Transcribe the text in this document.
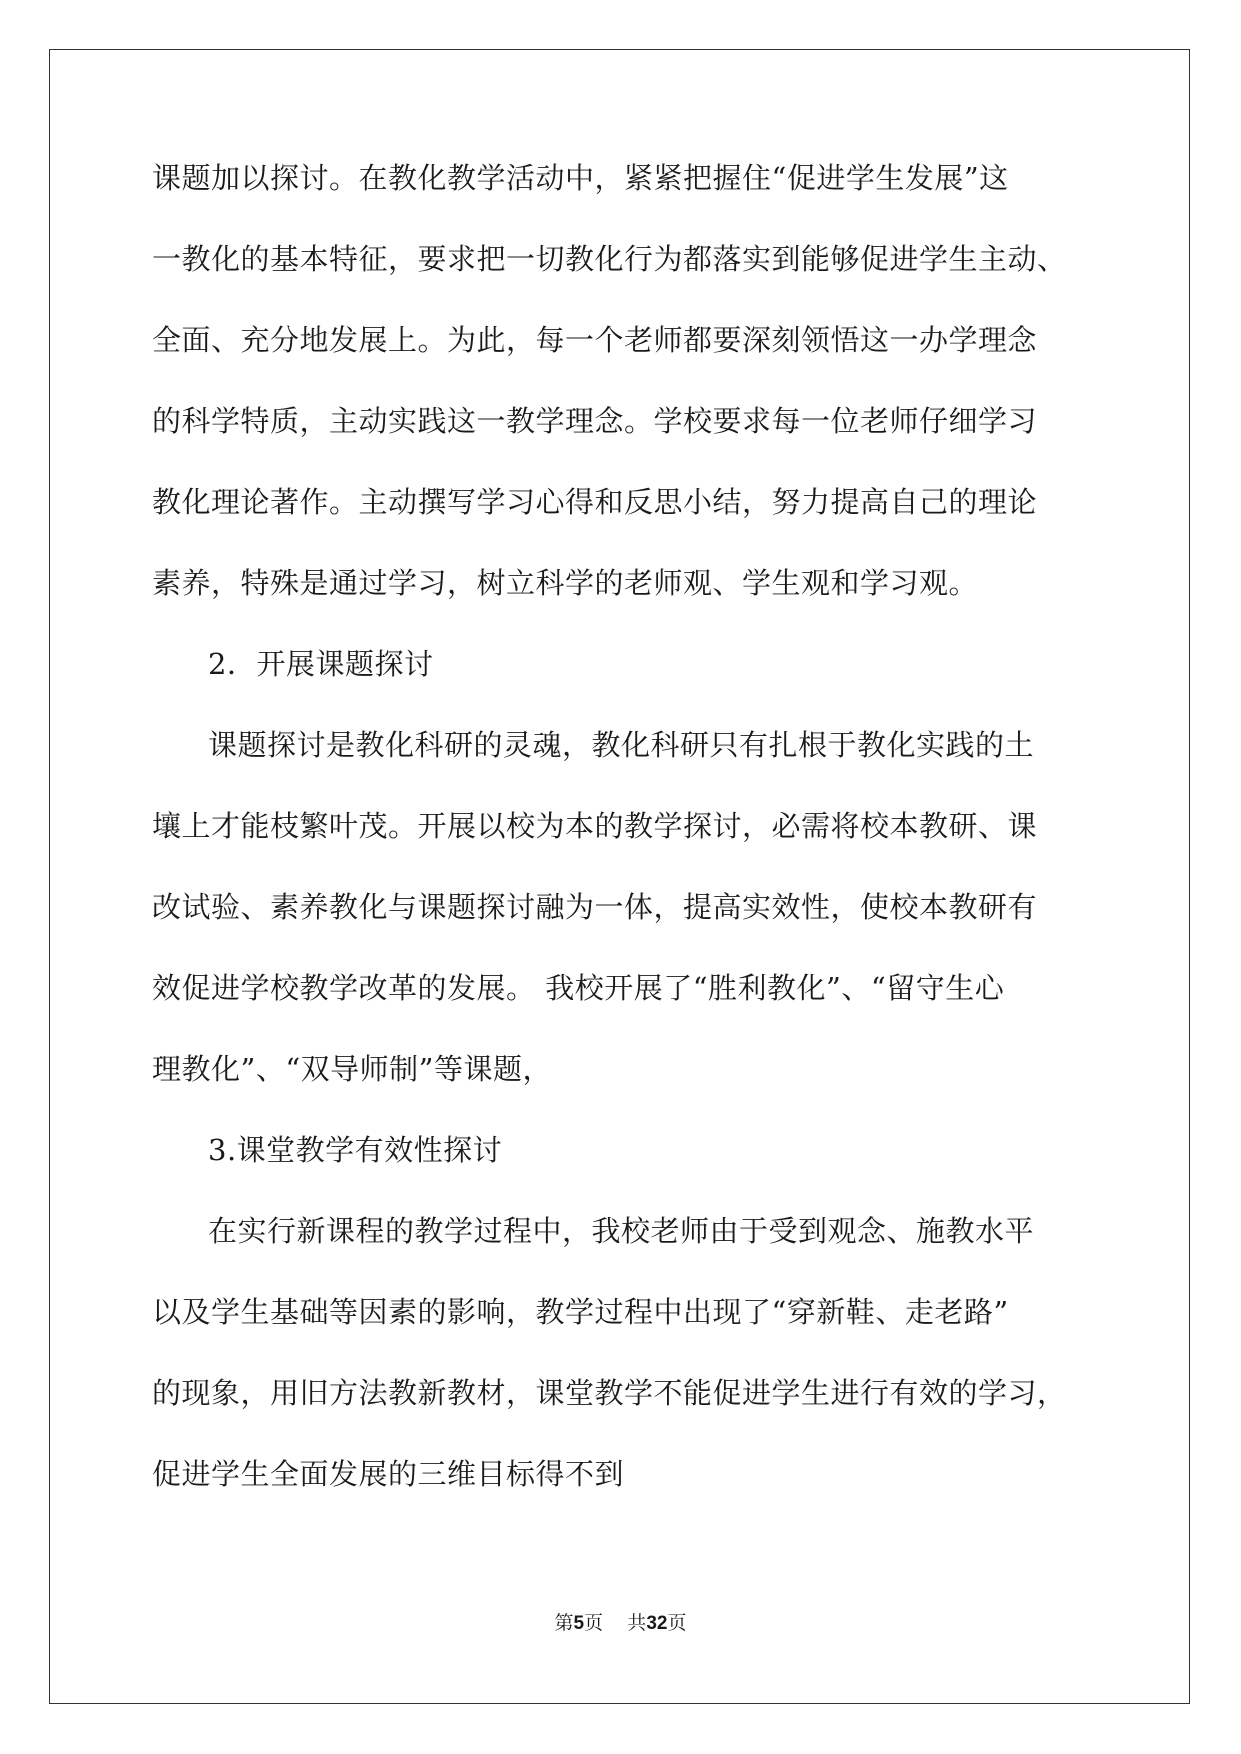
课题加以探讨。在教化教学活动中，紧紧把握住“促进学生发展”这
一教化的基本特征，要求把一切教化行为都落实到能够促进学生主动、
全面、充分地发展上。为此，每一个老师都要深刻领悟这一办学理念
的科学特质，主动实践这一教学理念。学校要求每一位老师仔细学习
教化理论著作。主动撰写学习心得和反思小结，努力提高自己的理论
素养，特殊是通过学习，树立科学的老师观、学生观和学习观。
2．开展课题探讨
课题探讨是教化科研的灵魂，教化科研只有扎根于教化实践的土
壤上才能枝繁叶茂。开展以校为本的教学探讨，必需将校本教研、课
改试验、素养教化与课题探讨融为一体，提高实效性，使校本教研有
效促进学校教学改革的发展。 我校开展了“胜利教化”、“留守生心
理教化”、“双导师制”等课题，
3.课堂教学有效性探讨
在实行新课程的教学过程中，我校老师由于受到观念、施教水平
以及学生基础等因素的影响，教学过程中出现了“穿新鞋、走老路”
的现象，用旧方法教新教材，课堂教学不能促进学生进行有效的学习，
促进学生全面发展的三维目标得不到
第5页 共32页
